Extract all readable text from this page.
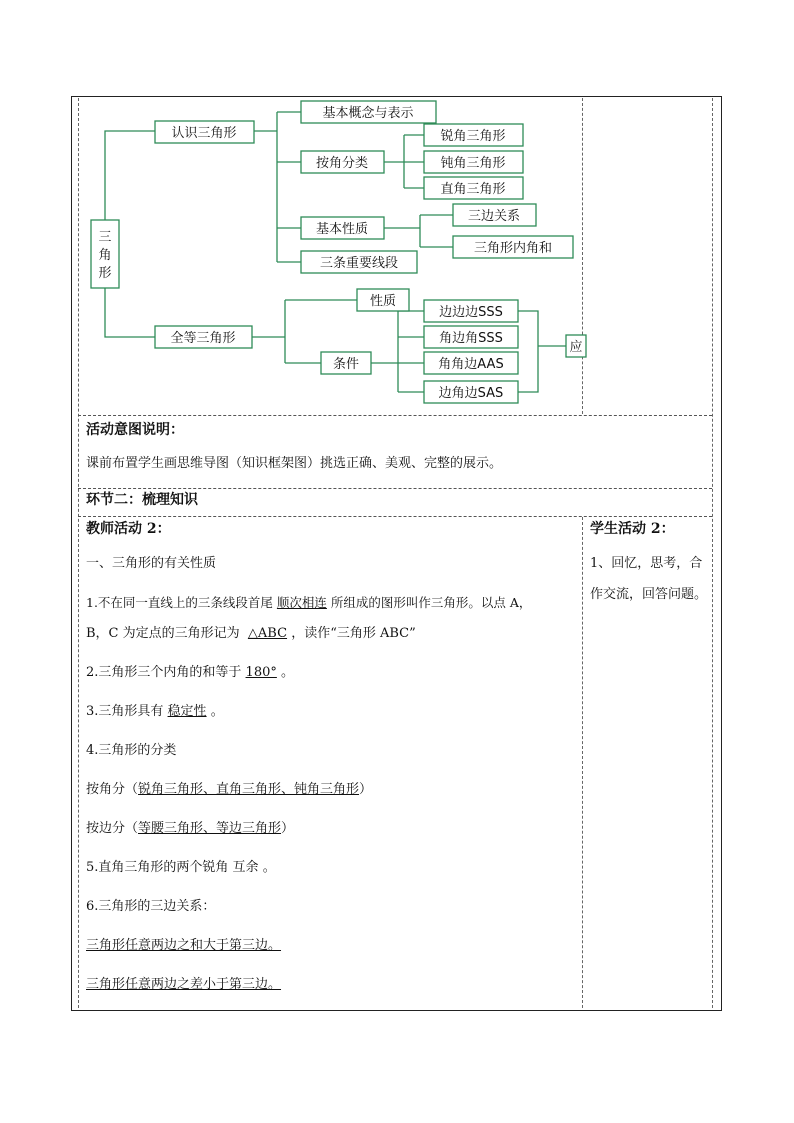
三
角
形
认识三角形
基本概念与表示
按角分类
锐角三角形
钝角三角形
直角三角形
基本性质
三边关系
三角形内角和
三条重要线段
全等三角形
性质
条件
边边边SSS
角边角SSS
角角边AAS
边角边SAS
应
活动意图说明：
课前布置学生画思维导图（知识框架图）挑选正确、美观、完整的展示。
环节二：梳理知识
教师活动 2：
一、三角形的有关性质
1.不在同一直线上的三条线段首尾 顺次相连 所组成的图形叫作三角形。以点 A，
B，C 为定点的三角形记为 △ABC ，读作“三角形 ABC”
2.三角形三个内角的和等于 180° 。
3.三角形具有 稳定性 。
4.三角形的分类
按角分（锐角三角形、直角三角形、钝角三角形）
按边分（等腰三角形、等边三角形）
5.直角三角形的两个锐角 互余 。
6.三角形的三边关系：
三角形任意两边之和大于第三边。
三角形任意两边之差小于第三边。
学生活动 2：
1、回忆，思考，合
作交流，回答问题。
